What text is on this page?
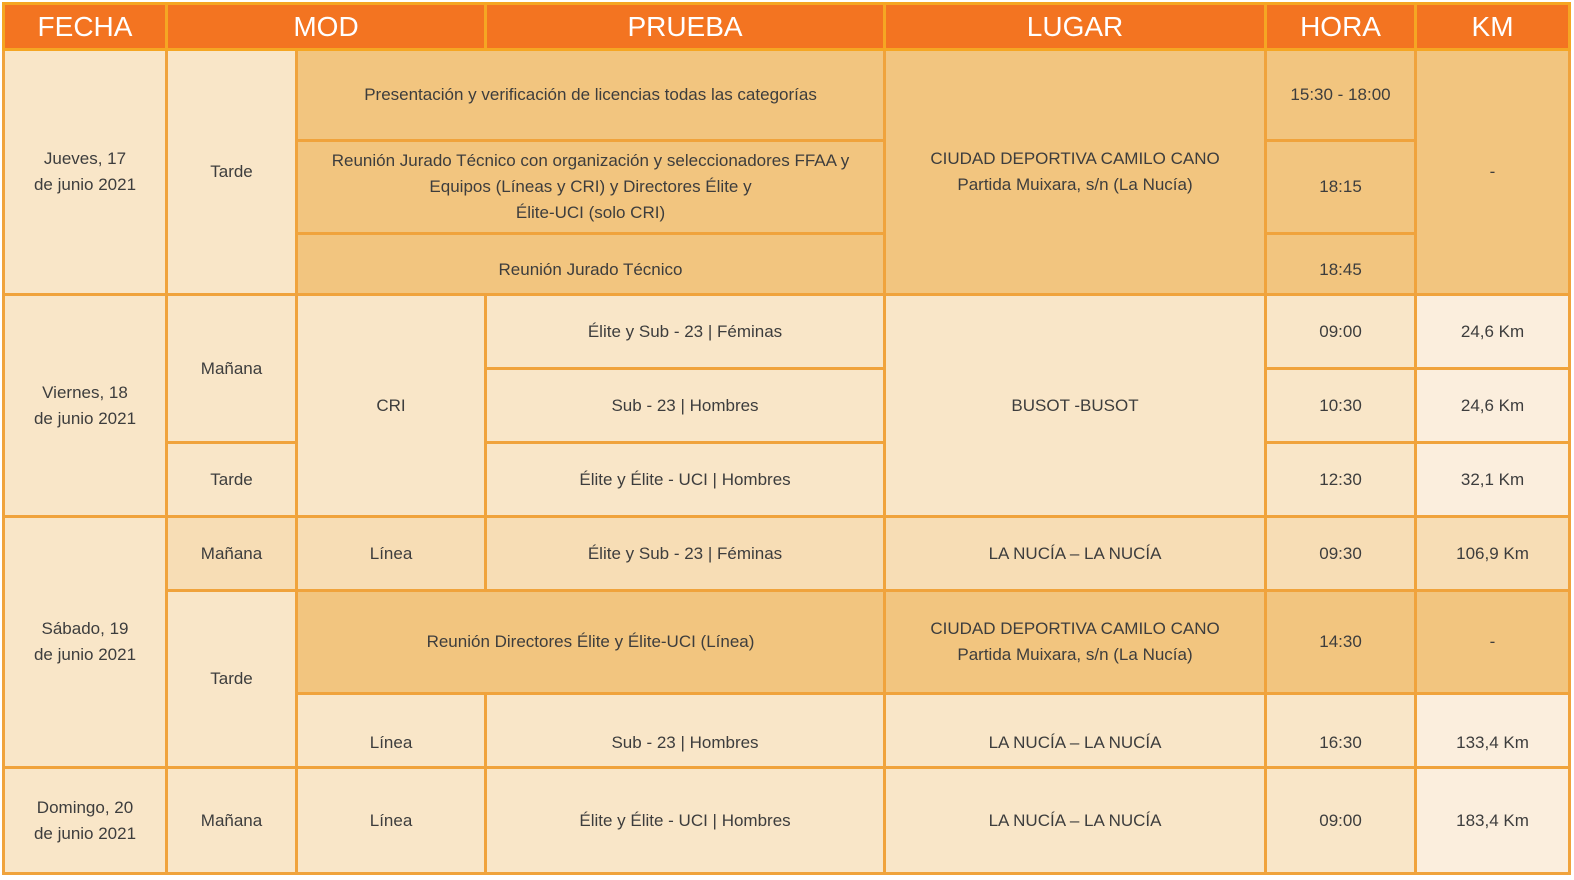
FECHA	MOD		PRUEBA	LUGAR	HORA	KM

Jueves, 17
de junio 2021	Tarde	Presentación y verificación de licencias todas las categorías		CIUDAD DEPORTIVA CAMILO CANO
Partida Muixara, s/n (La Nucía)	15:30 - 18:00	-

		Reunión Jurado Técnico con organización y seleccionadores FFAA y
Equipos (Líneas y CRI) y Directores Élite y
Élite-UCI (solo CRI)			18:15	
		Reunión Jurado Técnico			18:45	

Viernes, 18
de junio 2021	Mañana	CRI	Élite y Sub - 23 | Féminas	BUSOT -BUSOT	09:00	24,6 Km
			Sub - 23 | Hombres		10:30	24,6 Km
	Tarde		Élite y Élite - UCI | Hombres		12:30	32,1 Km

Sábado, 19
de junio 2021	Mañana	Línea	Élite y Sub - 23 | Féminas	LA NUCÍA – LA NUCÍA	09:30	106,9 Km
	Tarde	Reunión Directores Élite y Élite-UCI (Línea)		CIUDAD DEPORTIVA CAMILO CANO
Partida Muixara, s/n (La Nucía)	14:30	-
		Línea	Sub - 23 | Hombres	LA NUCÍA – LA NUCÍA	16:30	133,4 Km

Domingo, 20
de junio 2021	Mañana	Línea	Élite y Élite - UCI | Hombres	LA NUCÍA – LA NUCÍA	09:00	183,4 Km
